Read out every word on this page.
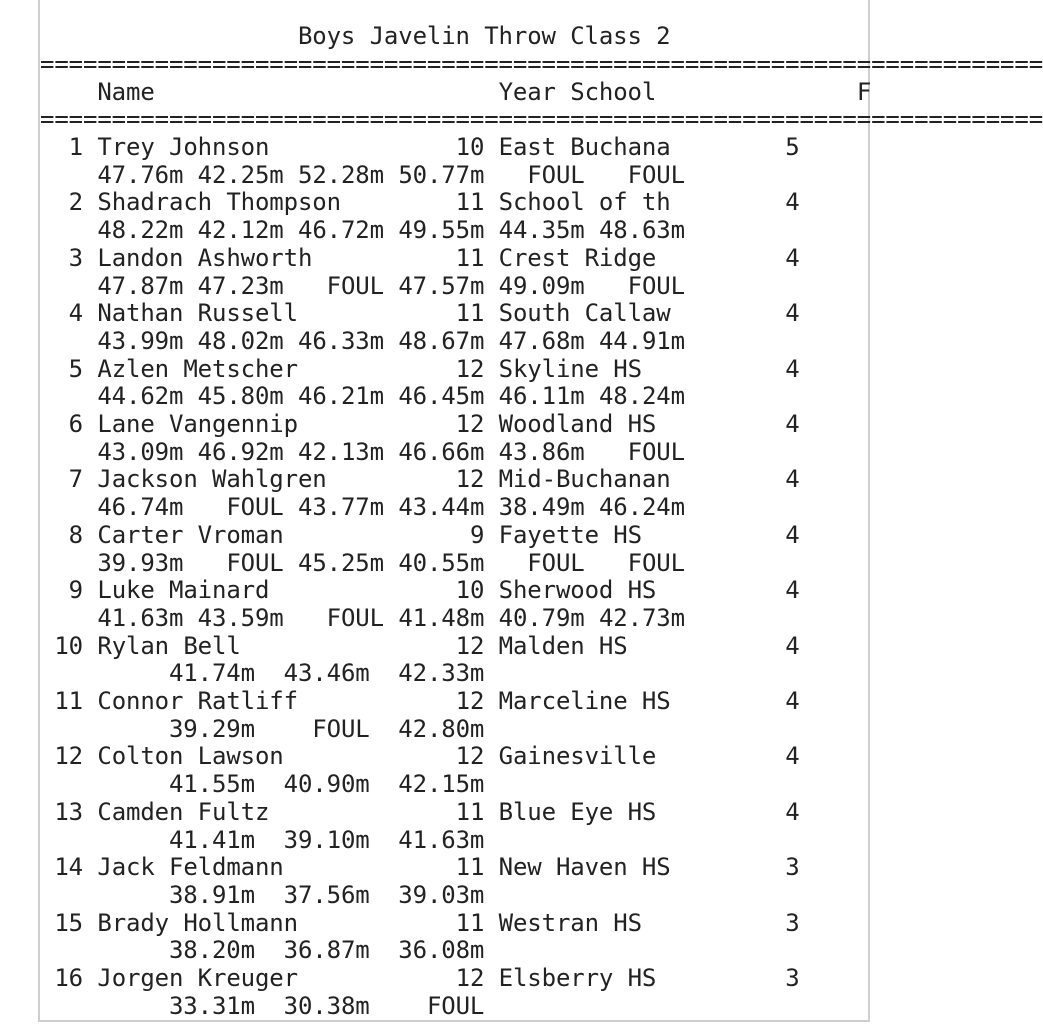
Boys Javelin Throw Class 2
======================================================================
Name	Year School	F
======================================================================
1 Trey Johnson             10 East Buchana	5
47.76m 42.25m 52.28m 50.77m   FOUL   FOUL
2 Shadrach Thompson        11 School of th	4
48.22m 42.12m 46.72m 49.55m 44.35m 48.63m
3 Landon Ashworth          11 Crest Ridge	4
47.87m 47.23m   FOUL 47.57m 49.09m   FOUL
4 Nathan Russell           11 South Callaw	4
43.99m 48.02m 46.33m 48.67m 47.68m 44.91m
5 Azlen Metscher           12 Skyline HS	4
44.62m 45.80m 46.21m 46.45m 46.11m 48.24m
6 Lane Vangennip           12 Woodland HS	4
43.09m 46.92m 42.13m 46.66m 43.86m   FOUL
7 Jackson Wahlgren         12 Mid-Buchanan	4
46.74m   FOUL 43.77m 43.44m 38.49m 46.24m
8 Carter Vroman             9 Fayette HS	4
39.93m   FOUL 45.25m 40.55m   FOUL   FOUL
9 Luke Mainard             10 Sherwood HS	4
41.63m 43.59m   FOUL 41.48m 40.79m 42.73m
10 Rylan Bell               12 Malden HS	4
41.74m  43.46m  42.33m
11 Connor Ratliff           12 Marceline HS	4
39.29m    FOUL  42.80m
12 Colton Lawson            12 Gainesville	4
41.55m  40.90m  42.15m
13 Camden Fultz             11 Blue Eye HS	4
41.41m  39.10m  41.63m
14 Jack Feldmann            11 New Haven HS	3
38.91m  37.56m  39.03m
15 Brady Hollmann           11 Westran HS	3
38.20m  36.87m  36.08m
16 Jorgen Kreuger           12 Elsberry HS	3
33.31m  30.38m    FOUL
